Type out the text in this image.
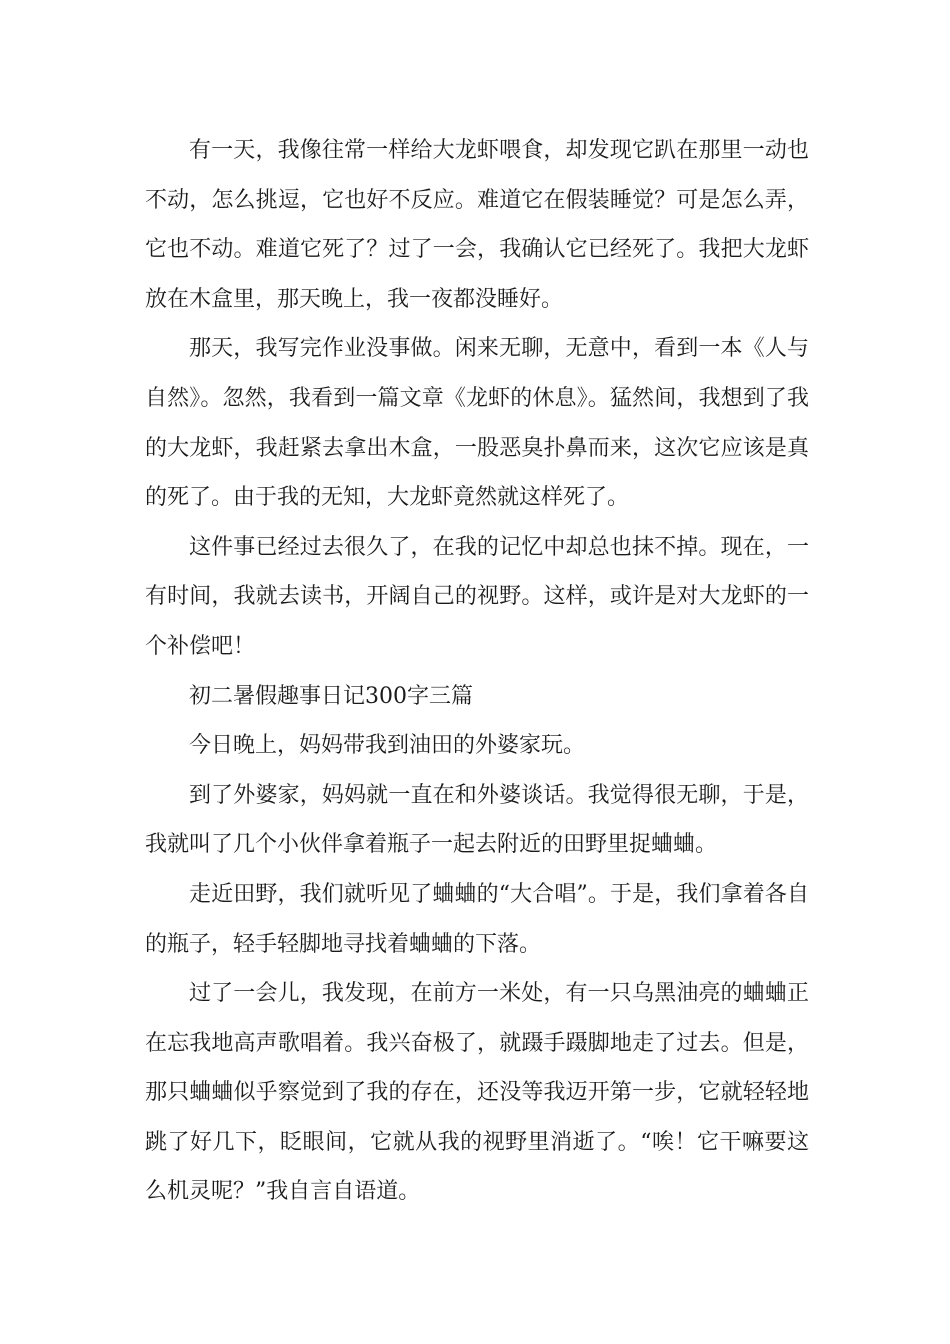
有一天，我像往常一样给大龙虾喂食，却发现它趴在那里一动也不动，怎么挑逗，它也好不反应。难道它在假装睡觉？可是怎么弄，它也不动。难道它死了？过了一会，我确认它已经死了。我把大龙虾放在木盒里，那天晚上，我一夜都没睡好。

那天，我写完作业没事做。闲来无聊，无意中，看到一本《人与自然》。忽然，我看到一篇文章《龙虾的休息》。猛然间，我想到了我的大龙虾，我赶紧去拿出木盒，一股恶臭扑鼻而来，这次它应该是真的死了。由于我的无知，大龙虾竟然就这样死了。

这件事已经过去很久了，在我的记忆中却总也抹不掉。现在，一有时间，我就去读书，开阔自己的视野。这样，或许是对大龙虾的一个补偿吧！

初二暑假趣事日记300字三篇

今日晚上，妈妈带我到油田的外婆家玩。

到了外婆家，妈妈就一直在和外婆谈话。我觉得很无聊，于是，我就叫了几个小伙伴拿着瓶子一起去附近的田野里捉蛐蛐。

走近田野，我们就听见了蛐蛐的“大合唱”。于是，我们拿着各自的瓶子，轻手轻脚地寻找着蛐蛐的下落。

过了一会儿，我发现，在前方一米处，有一只乌黑油亮的蛐蛐正在忘我地高声歌唱着。我兴奋极了，就蹑手蹑脚地走了过去。但是，那只蛐蛐似乎察觉到了我的存在，还没等我迈开第一步，它就轻轻地跳了好几下，眨眼间，它就从我的视野里消逝了。“唉！它干嘛要这么机灵呢？”我自言自语道。
